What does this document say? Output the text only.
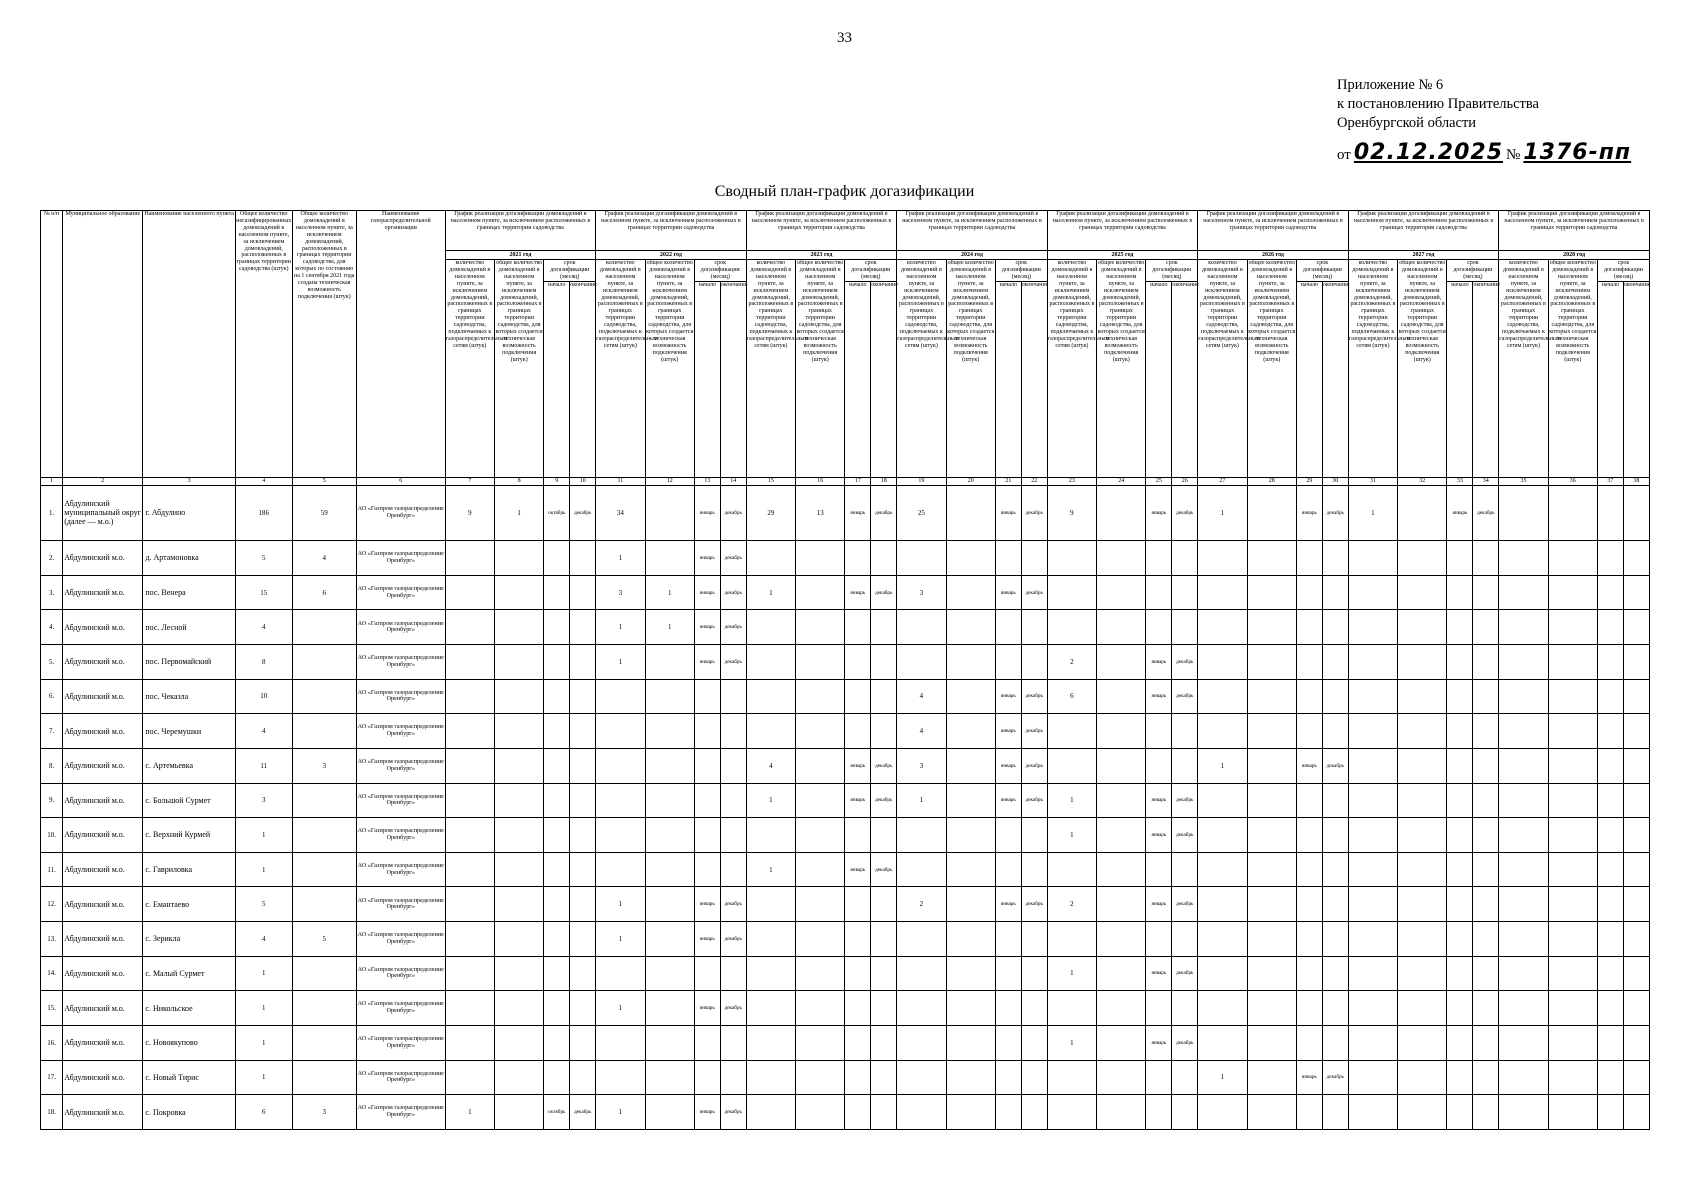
33
Приложение № 6
к постановлению Правительства
Оренбургской области
от 02.12.2025 № 1376-пп
Сводный план-график догазификации
№ п/п	Муниципальное образование	Наименование населенного пункта	Общее количество негазифицированных домовладений в населенном пункте, за исключением домовладений, расположенных в границах территории садоводства (штук)	Общее количество домовладений в населенном пункте, за исключением домовладений, расположенных в границах территории садоводства, для которых по состоянию на 1 сентября 2021 года создана техническая возможность подключения (штук)	Наименование газораспределительной организации	График реализации догазификации домовладений в населенном пункте, за исключением расположенных в границах территории садоводства				График реализации догазификации домовладений в населенном пункте, за исключением расположенных в границах территории садоводства				График реализации догазификации домовладений в населенном пункте, за исключением расположенных в границах территории садоводства				График реализации догазификации домовладений в населенном пункте, за исключением расположенных в границах территории садоводства				График реализации догазификации домовладений в населенном пункте, за исключением расположенных в границах территории садоводства				График реализации догазификации домовладений в населенном пункте, за исключением расположенных в границах территории садоводства				График реализации догазификации домовладений в населенном пункте, за исключением расположенных в границах территории садоводства				График реализации догазификации домовладений в населенном пункте, за исключением расположенных в границах территории садоводства			
						2021 год				2022 год				2023 год				2024 год				2025 год				2026 год				2027 год				2028 год			
						количество домовладений в населенном пункте, за исключением домовладений, расположенных в границах территории садоводства, подключаемых к газораспределительным сетям (штук)	общее количество домовладений в населенном пункте, за исключением домовладений, расположенных в границах территории садоводства, для которых создается техническая возможность подключения (штук)	срок догазификации (месяц)		количество домовладений в населенном пункте, за исключением домовладений, расположенных в границах территории садоводства, подключаемых к газораспределительным сетям (штук)	общее количество домовладений в населенном пункте, за исключением домовладений, расположенных в границах территории садоводства, для которых создается техническая возможность подключения (штук)	срок догазификации (месяц)		количество домовладений в населенном пункте, за исключением домовладений, расположенных в границах территории садоводства, подключаемых к газораспределительным сетям (штук)	общее количество домовладений в населенном пункте, за исключением домовладений, расположенных в границах территории садоводства, для которых создается техническая возможность подключения (штук)	срок догазификации (месяц)		количество домовладений в населенном пункте, за исключением домовладений, расположенных в границах территории садоводства, подключаемых к газораспределительным сетям (штук)	общее количество домовладений в населенном пункте, за исключением домовладений, расположенных в границах территории садоводства, для которых создается техническая возможность подключения (штук)	срок догазификации (месяц)		количество домовладений в населенном пункте, за исключением домовладений, расположенных в границах территории садоводства, подключаемых к газораспределительным сетям (штук)	общее количество домовладений в населенном пункте, за исключением домовладений, расположенных в границах территории садоводства, для которых создается техническая возможность подключения (штук)	срок догазификации (месяц)		количество домовладений в населенном пункте, за исключением домовладений, расположенных в границах территории садоводства, подключаемых к газораспределительным сетям (штук)	общее количество домовладений в населенном пункте, за исключением домовладений, расположенных в границах территории садоводства, для которых создается техническая возможность подключения (штук)	срок догазификации (месяц)		количество домовладений в населенном пункте, за исключением домовладений, расположенных в границах территории садоводства, подключаемых к газораспределительным сетям (штук)	общее количество домовладений в населенном пункте, за исключением домовладений, расположенных в границах территории садоводства, для которых создается техническая возможность подключения (штук)	срок догазификации (месяц)		количество домовладений в населенном пункте, за исключением домовладений, расположенных в границах территории садоводства, подключаемых к газораспределительным сетям (штук)	общее количество домовладений в населенном пункте, за исключением домовладений, расположенных в границах территории садоводства, для которых создается техническая возможность подключения (штук)	срок догазификации (месяц)	
								начало	окончание			начало	окончание			начало	окончание			начало	окончание			начало	окончание			начало	окончание			начало	окончание			начало	окончание
1	2	3	4	5	6	7	8	9	10	11	12	13	14	15	16	17	18	19	20	21	22	23	24	25	26	27	28	29	30	31	32	33	34	35	36	37	38
1.	Абдулинский муниципальный округ (далее — м.о.)	г. Абдулино	186	59	АО «Газпром газораспределение Оренбург»	9	1	октябрь	декабрь	34		январь	декабрь	29	13	январь	декабрь	25		январь	декабрь	9		январь	декабрь	1		январь	декабрь	1		январь	декабрь				
2.	Абдулинский м.о.	д. Артамоновка	5	4	АО «Газпром газораспределение Оренбург»					1		январь	декабрь																								
3.	Абдулинский м.о.	пос. Венера	15	6	АО «Газпром газораспределение Оренбург»					3	1	январь	декабрь	1		январь	декабрь	3		январь	декабрь																
4.	Абдулинский м.о.	пос. Лесной	4		АО «Газпром газораспределение Оренбург»					1	1	январь	декабрь																								
5.	Абдулинский м.о.	пос. Первомайский	8		АО «Газпром газораспределение Оренбург»					1		январь	декабрь									2		январь	декабрь												
6.	Абдулинский м.о.	пос. Чеказла	10		АО «Газпром газораспределение Оренбург»													4		январь	декабрь	6		январь	декабрь												
7.	Абдулинский м.о.	пос. Черемушки	4		АО «Газпром газораспределение Оренбург»													4		январь	декабрь																
8.	Абдулинский м.о.	с. Артемьевка	11	3	АО «Газпром газораспределение Оренбург»									4		январь	декабрь	3		январь	декабрь					1		январь	декабрь								
9.	Абдулинский м.о.	с. Большой Сурмет	3		АО «Газпром газораспределение Оренбург»									1		январь	декабрь	1		январь	декабрь	1		январь	декабрь												
10.	Абдулинский м.о.	с. Верхний Курмей	1		АО «Газпром газораспределение Оренбург»																	1		январь	декабрь												
11.	Абдулинский м.о.	с. Гавриловка	1		АО «Газпром газораспределение Оренбург»									1		январь	декабрь																				
12.	Абдулинский м.о.	с. Емантаево	5		АО «Газпром газораспределение Оренбург»					1		январь	декабрь					2		январь	декабрь	2		январь	декабрь												
13.	Абдулинский м.о.	с. Зерикла	4	5	АО «Газпром газораспределение Оренбург»					1		январь	декабрь																								
14.	Абдулинский м.о.	с. Малый Сурмет	1		АО «Газпром газораспределение Оренбург»																	1		январь	декабрь												
15.	Абдулинский м.о.	с. Никольское	1		АО «Газпром газораспределение Оренбург»					1		январь	декабрь																								
16.	Абдулинский м.о.	с. Новоякупово	1		АО «Газпром газораспределение Оренбург»																	1		январь	декабрь												
17.	Абдулинский м.о.	с. Новый Тирис	1		АО «Газпром газораспределение Оренбург»																					1		январь	декабрь								
18.	Абдулинский м.о.	с. Покровка	6	3	АО «Газпром газораспределение Оренбург»	1		октябрь	декабрь	1		январь	декабрь																								
